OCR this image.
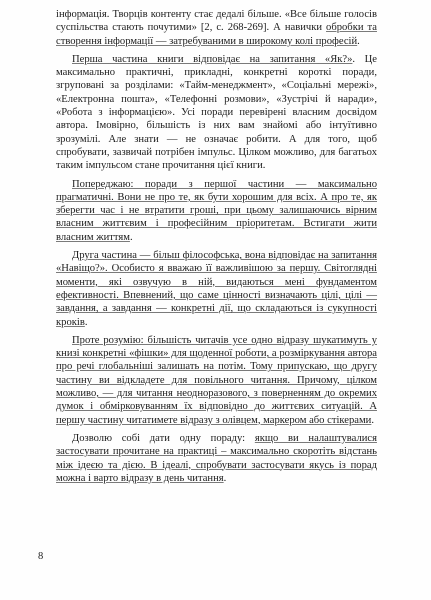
інформація. Творців контенту стає дедалі більше. «Все більше голосів суспільства стають почутими» [2, с. 268-269]. А навички обробки та створення інформації — затребуваними в широкому колі професій.

Перша частина книги відповідає на запитання «Як?». Це максимально практичні, прикладні, конкретні короткі поради, згруповані за розділами: «Тайм-менеджмент», «Соціальні мережі», «Електронна пошта», «Телефонні розмови», «Зустрічі й наради», «Робота з інформацією». Усі поради перевірені власним досвідом автора. Імовірно, більшість із них вам знайомі або інтуїтивно зрозумілі. Але знати — не означає робити. А для того, щоб спробувати, зазвичай потрібен імпульс. Цілком можливо, для багатьох таким імпульсом стане прочитання цієї книги.

Попереджаю: поради з першої частини — максимально прагматичні. Вони не про те, як бути хорошим для всіх. А про те, як зберегти час і не втратити гроші, при цьому залишаючись вірним власним життєвим і професійним пріоритетам. Встигати жити власним життям.

Друга частина — більш філософська, вона відповідає на запитання «Навіщо?». Особисто я вважаю її важливішою за першу. Світоглядні моменти, які озвучую в ній, видаються мені фундаментом ефективності. Впевнений, що саме цінності визначають цілі, цілі — завдання, а завдання — конкретні дії, що складаються із сукупності кроків.

Проте розумію: більшість читачів усе одно відразу шукатимуть у книзі конкретні «фішки» для щоденної роботи, а розміркування автора про речі глобальніші залишать на потім. Тому припускаю, що другу частину ви відкладете для повільного читання. Причому, цілком можливо, — для читання неодноразового, з поверненням до окремих думок і обмірковуванням їх відповідно до життєвих ситуацій. А першу частину читатимете відразу з олівцем, маркером або стікерами.

Дозволю собі дати одну пораду: якщо ви налаштувалися застосувати прочитане на практиці – максимально скоротіть відстань між ідеєю та дією. В ідеалі, спробувати застосувати якусь із порад можна і варто відразу в день читання.

8
